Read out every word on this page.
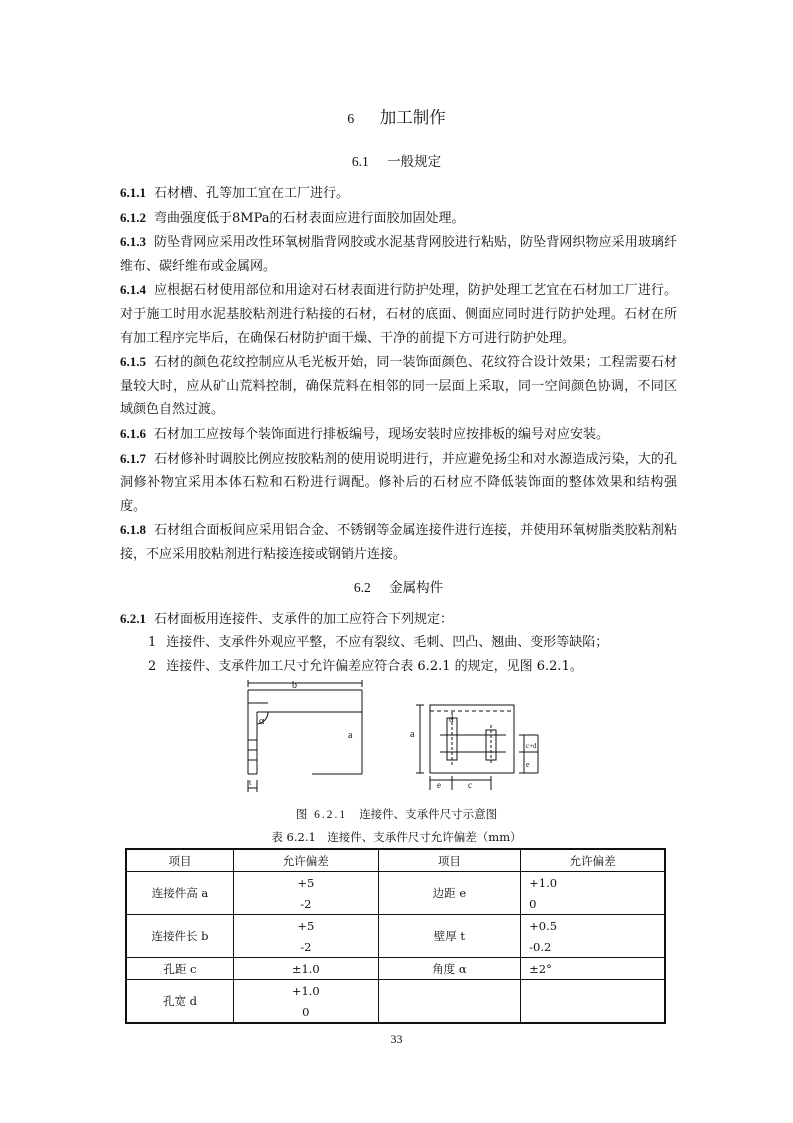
6 加工制作
6.1 一般规定

6.1.1 石材槽、孔等加工宜在工厂进行。

6.1.2 弯曲强度低于8MPa的石材表面应进行面胶加固处理。

6.1.3 防坠背网应采用改性环氧树脂背网胶或水泥基背网胶进行粘贴，防坠背网织物应采用玻璃纤维布、碳纤维布或金属网。

6.1.4 应根据石材使用部位和用途对石材表面进行防护处理，防护处理工艺宜在石材加工厂进行。对于施工时用水泥基胶粘剂进行粘接的石材，石材的底面、侧面应同时进行防护处理。石材在所有加工程序完毕后，在确保石材防护面干燥、干净的前提下方可进行防护处理。

6.1.5 石材的颜色花纹控制应从毛光板开始，同一装饰面颜色、花纹符合设计效果；工程需要石材量较大时，应从矿山荒料控制，确保荒料在相邻的同一层面上采取，同一空间颜色协调，不同区域颜色自然过渡。

6.1.6 石材加工应按每个装饰面进行排板编号，现场安装时应按排板的编号对应安装。

6.1.7 石材修补时调胶比例应按胶粘剂的使用说明进行，并应避免扬尘和对水源造成污染，大的孔洞修补物宜采用本体石粒和石粉进行调配。修补后的石材应不降低装饰面的整体效果和结构强度。

6.1.8 石材组合面板间应采用铝合金、不锈钢等金属连接件进行连接，并使用环氧树脂类胶粘剂粘接，不应采用胶粘剂进行粘接连接或钢销片连接。

6.2 金属构件

6.2.1 石材面板用连接件、支承件的加工应符合下列规定：

1 连接件、支承件外观应平整，不应有裂纹、毛刺、凹凸、翘曲、变形等缺陷；

2 连接件、支承件加工尺寸允许偏差应符合表 6.2.1 的规定，见图 6.2.1。

b
a
α
t
d
a
e	c
e
c+d
图 6.2.1 连接件、支承件尺寸示意图
表 6.2.1　连接件、支承件尺寸允许偏差（mm）
项目	允许偏差	项目	允许偏差
连接件高 a	+5	边距 e	+1.0
	-2		0
连接件长 b	+5	壁厚 t	+0.5
	-2		-0.2
孔距 c	±1.0	角度 α	±2°
孔宽 d	+1.0		
	0		
33
